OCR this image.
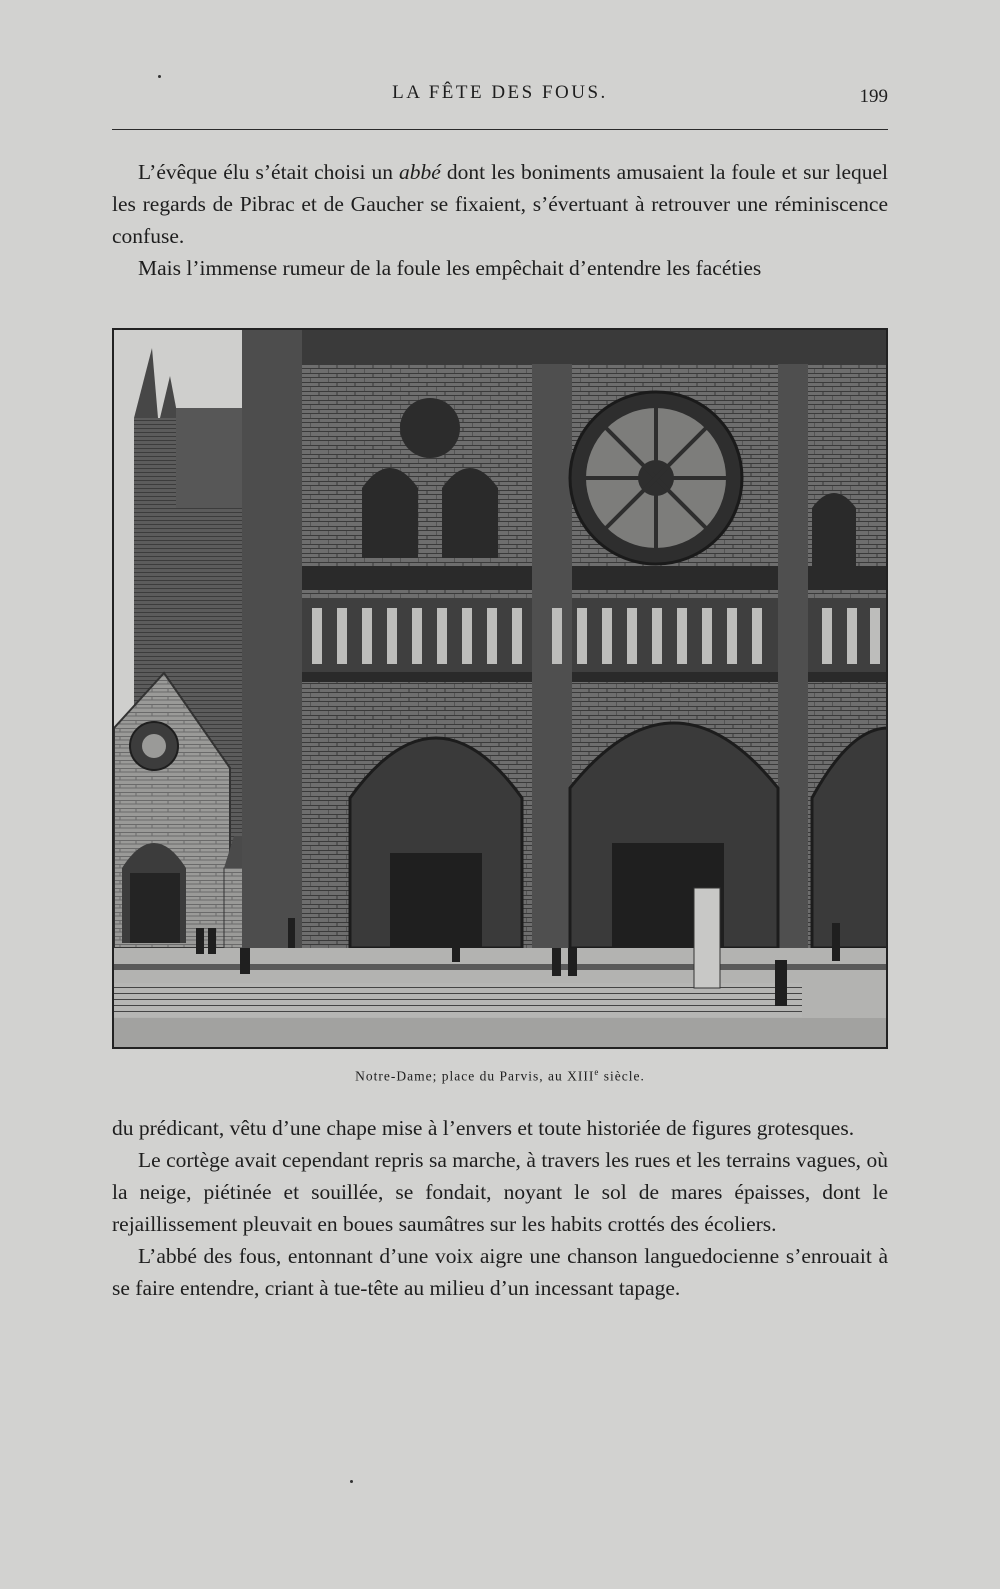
LA FÊTE DES FOUS.	199

L’évêque élu s’était choisi un abbé dont les boniments amusaient la foule et sur lequel les regards de Pibrac et de Gaucher se fixaient, s’évertuant à retrouver une réminiscence confuse.

Mais l’immense rumeur de la foule les empêchait d’entendre les facéties

Notre-Dame; place du Parvis, au XIIIe siècle.

du prédicant, vêtu d’une chape mise à l’envers et toute historiée de figures grotesques.

Le cortège avait cependant repris sa marche, à travers les rues et les terrains vagues, où la neige, piétinée et souillée, se fondait, noyant le sol de mares épaisses, dont le rejaillissement pleuvait en boues saumâtres sur les habits crottés des écoliers.

L’abbé des fous, entonnant d’une voix aigre une chanson languedocienne s’enrouait à se faire entendre, criant à tue-tête au milieu d’un incessant tapage.
